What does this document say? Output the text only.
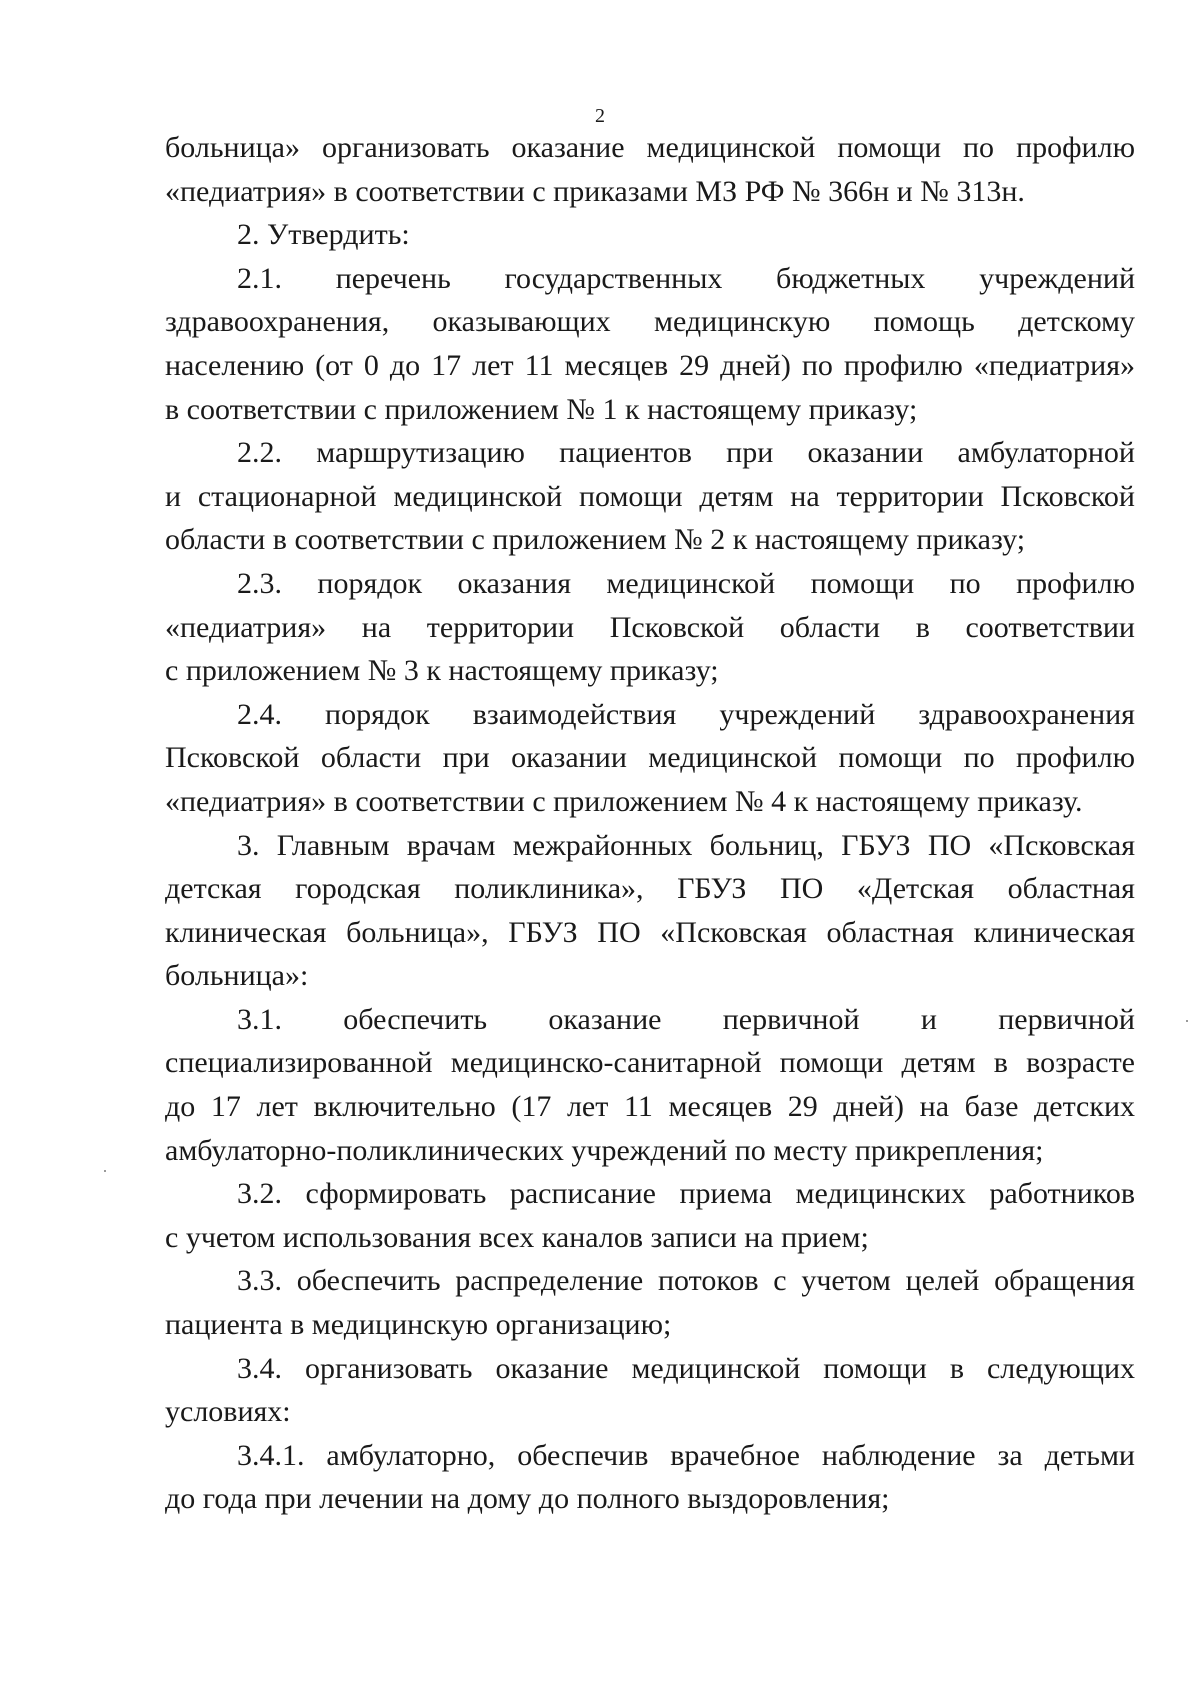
2
больница» организовать оказание медицинской помощи по профилю
«педиатрия» в соответствии с приказами МЗ РФ № 366н и № 313н.
2. Утвердить:
2.1. перечень государственных бюджетных учреждений
здравоохранения, оказывающих медицинскую помощь детскому
населению (от 0 до 17 лет 11 месяцев 29 дней) по профилю «педиатрия»
в соответствии с приложением № 1 к настоящему приказу;
2.2. маршрутизацию пациентов при оказании амбулаторной
и стационарной медицинской помощи детям на территории Псковской
области в соответствии с приложением № 2 к настоящему приказу;
2.3. порядок оказания медицинской помощи по профилю
«педиатрия» на территории Псковской области в соответствии
с приложением № 3 к настоящему приказу;
2.4. порядок взаимодействия учреждений здравоохранения
Псковской области при оказании медицинской помощи по профилю
«педиатрия» в соответствии с приложением № 4 к настоящему приказу.
3. Главным врачам межрайонных больниц, ГБУЗ ПО «Псковская
детская городская поликлиника», ГБУЗ ПО «Детская областная
клиническая больница», ГБУЗ ПО «Псковская областная клиническая
больница»:
3.1. обеспечить оказание первичной и первичной
специализированной медицинско-санитарной помощи детям в возрасте
до 17 лет включительно (17 лет 11 месяцев 29 дней) на базе детских
амбулаторно-поликлинических учреждений по месту прикрепления;
3.2. сформировать расписание приема медицинских работников
с учетом использования всех каналов записи на прием;
3.3. обеспечить распределение потоков с учетом целей обращения
пациента в медицинскую организацию;
3.4. организовать оказание медицинской помощи в следующих
условиях:
3.4.1. амбулаторно, обеспечив врачебное наблюдение за детьми
до года при лечении на дому до полного выздоровления;
